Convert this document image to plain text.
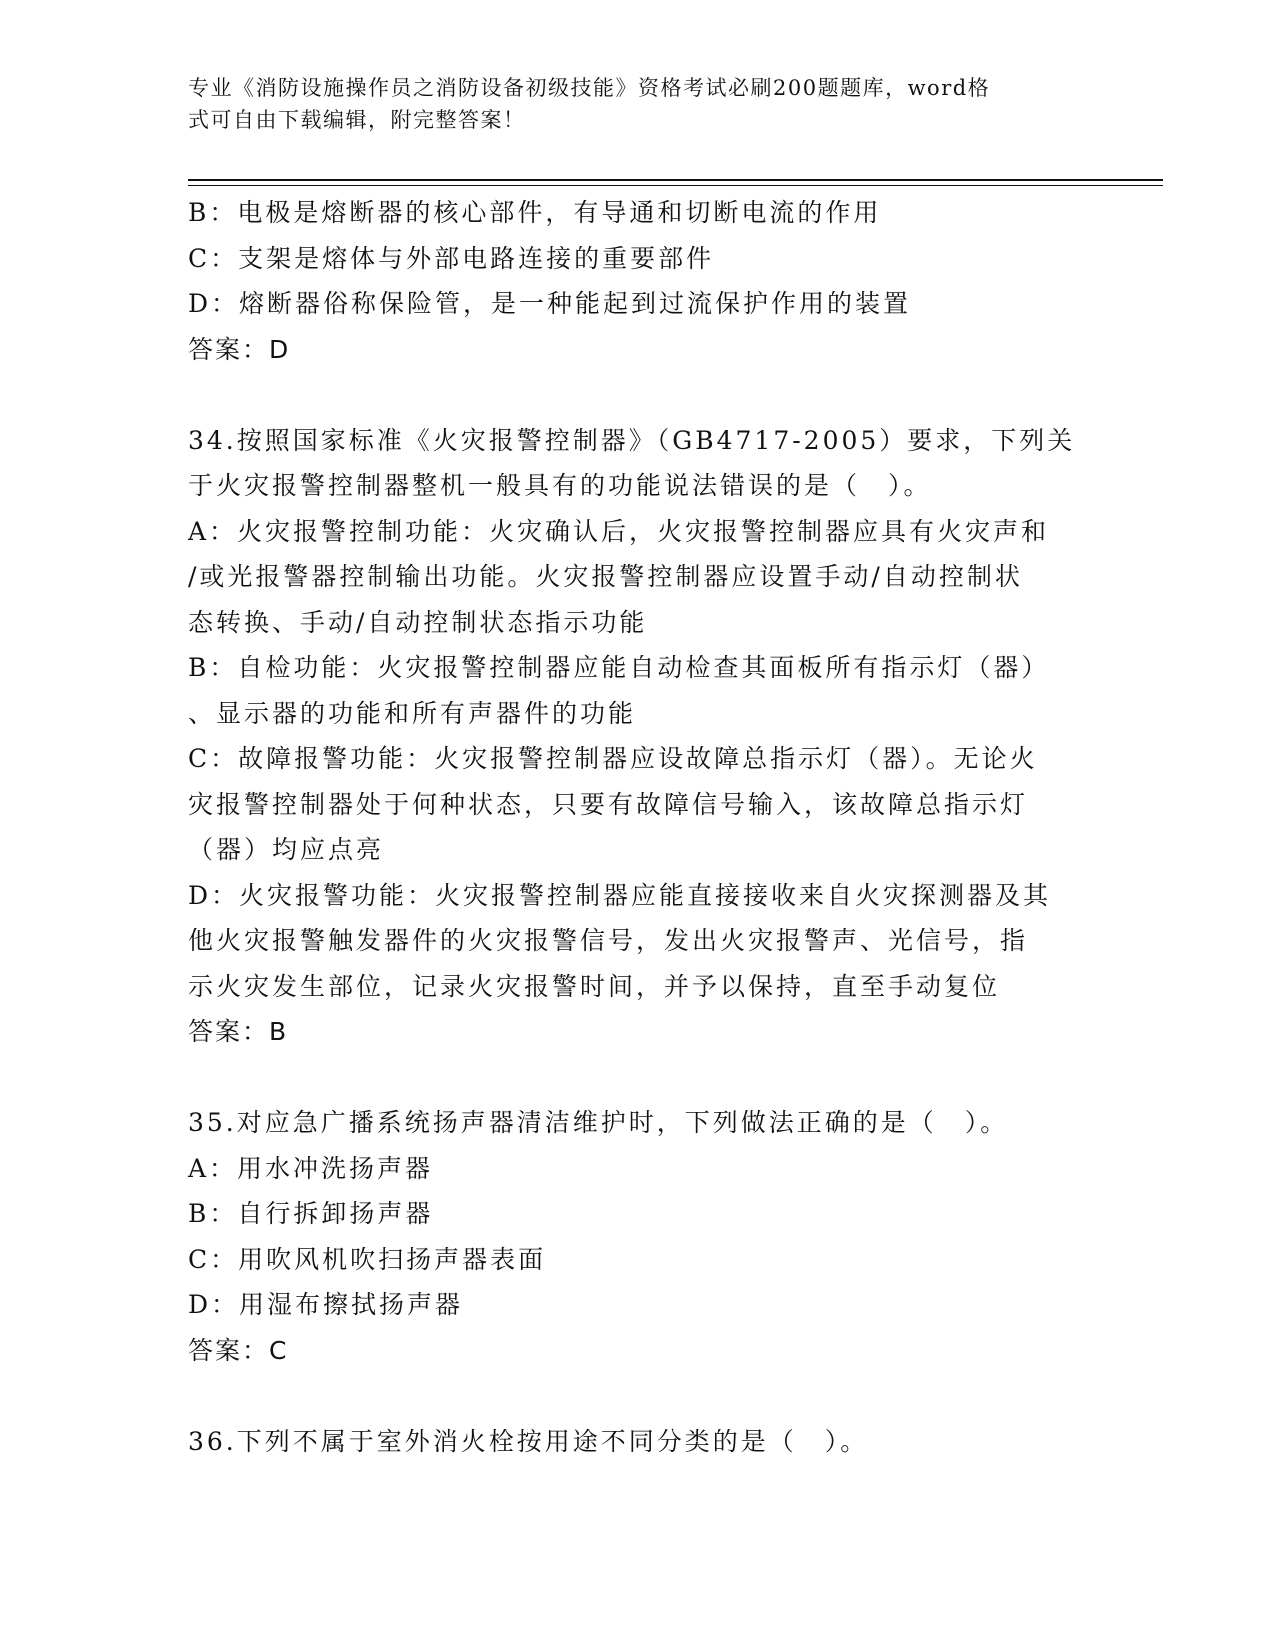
专业《消防设施操作员之消防设备初级技能》资格考试必刷200题题库，word格
式可自由下载编辑，附完整答案！
B：电极是熔断器的核心部件，有导通和切断电流的作用
C：支架是熔体与外部电路连接的重要部件
D：熔断器俗称保险管，是一种能起到过流保护作用的装置
答案：D
34.按照国家标准《火灾报警控制器》（GB4717-2005）要求，下列关
于火灾报警控制器整机一般具有的功能说法错误的是（　）。
A：火灾报警控制功能：火灾确认后，火灾报警控制器应具有火灾声和
/或光报警器控制输出功能。火灾报警控制器应设置手动/自动控制状
态转换、手动/自动控制状态指示功能
B：自检功能：火灾报警控制器应能自动检查其面板所有指示灯（器）
、显示器的功能和所有声器件的功能
C：故障报警功能：火灾报警控制器应设故障总指示灯（器）。无论火
灾报警控制器处于何种状态，只要有故障信号输入，该故障总指示灯
（器）均应点亮
D：火灾报警功能：火灾报警控制器应能直接接收来自火灾探测器及其
他火灾报警触发器件的火灾报警信号，发出火灾报警声、光信号，指
示火灾发生部位，记录火灾报警时间，并予以保持，直至手动复位
答案：B
35.对应急广播系统扬声器清洁维护时，下列做法正确的是（　）。
A：用水冲洗扬声器
B：自行拆卸扬声器
C：用吹风机吹扫扬声器表面
D：用湿布擦拭扬声器
答案：C
36.下列不属于室外消火栓按用途不同分类的是（　）。
